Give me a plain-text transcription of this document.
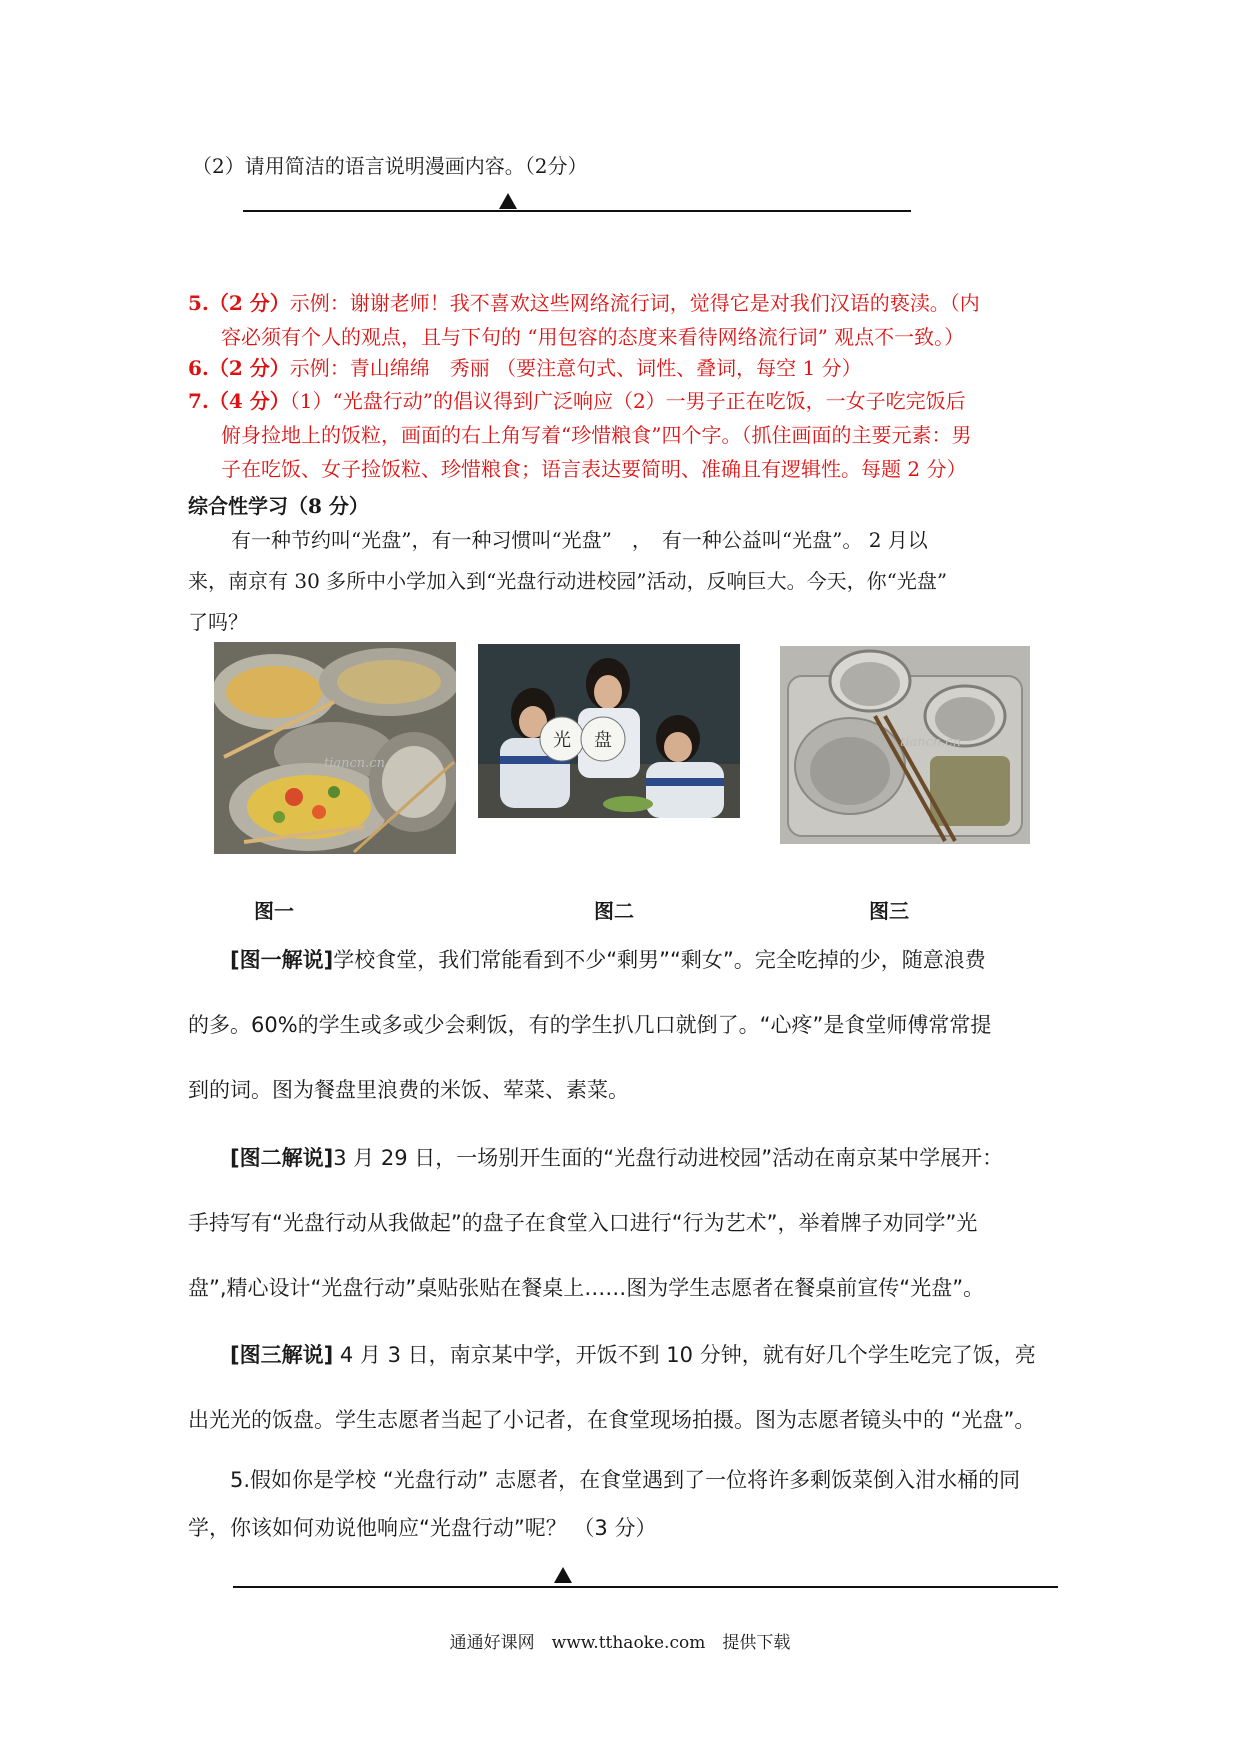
（2）请用简洁的语言说明漫画内容。（2分）
5.（2 分）示例：谢谢老师！我不喜欢这些网络流行词，觉得它是对我们汉语的亵渎。（内
容必须有个人的观点，且与下句的 “用包容的态度来看待网络流行词” 观点不一致。）
6.（2 分）示例：青山绵绵　秀丽 （要注意句式、词性、叠词，每空 1 分）
7.（4 分）（1）“光盘行动”的倡议得到广泛响应（2）一男子正在吃饭，一女子吃完饭后
俯身捡地上的饭粒，画面的右上角写着“珍惜粮食”四个字。（抓住画面的主要元素：男
子在吃饭、女子捡饭粒、珍惜粮食；语言表达要简明、准确且有逻辑性。每题 2 分）
综合性学习（8 分）
有一种节约叫“光盘”，有一种习惯叫“光盘”　，　有一种公益叫“光盘”。 2 月以
来，南京有 30 多所中小学加入到“光盘行动进校园”活动，反响巨大。今天，你“光盘”
了吗？
tiancn.cn
光 盘	tiancn.cn
图一	图二	图三
[图一解说]学校食堂，我们常能看到不少“剩男”“剩女”。完全吃掉的少，随意浪费
的多。60%的学生或多或少会剩饭，有的学生扒几口就倒了。“心疼”是食堂师傅常常提
到的词。图为餐盘里浪费的米饭、荤菜、素菜。
[图二解说]3 月 29 日，一场别开生面的“光盘行动进校园”活动在南京某中学展开：
手持写有“光盘行动从我做起”的盘子在食堂入口进行“行为艺术”，举着牌子劝同学”光
盘”,精心设计“光盘行动”桌贴张贴在餐桌上……图为学生志愿者在餐桌前宣传“光盘”。
[图三解说] 4 月 3 日，南京某中学，开饭不到 10 分钟，就有好几个学生吃完了饭，亮
出光光的饭盘。学生志愿者当起了小记者，在食堂现场拍摄。图为志愿者镜头中的 “光盘”。
5.假如你是学校 “光盘行动” 志愿者，在食堂遇到了一位将许多剩饭菜倒入泔水桶的同
学，你该如何劝说他响应“光盘行动”呢？ （3 分）
通通好课网　www.tthaoke.com　提供下载
